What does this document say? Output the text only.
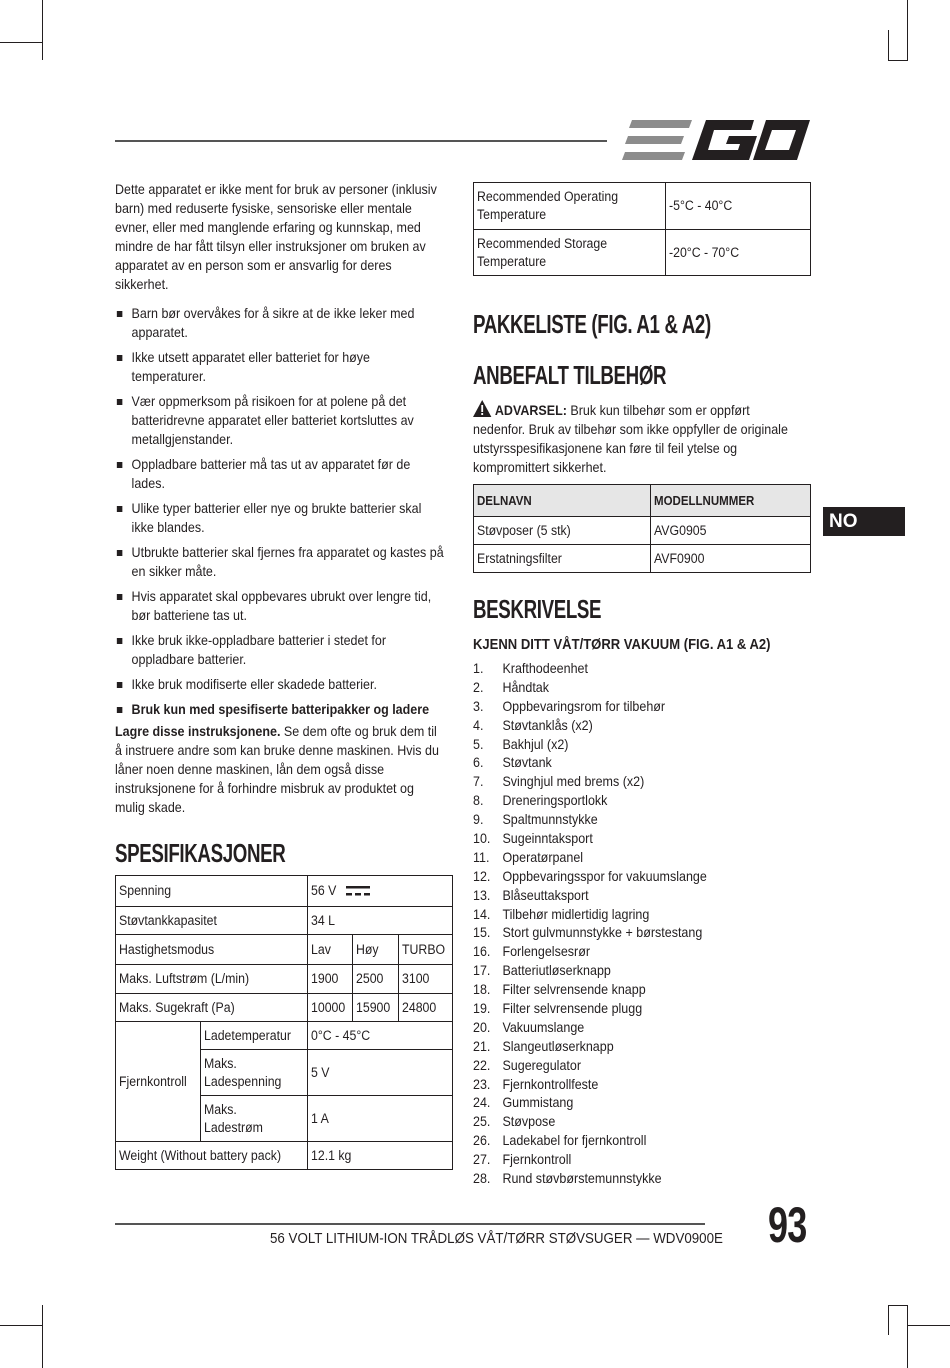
Dette apparatet er ikke ment for bruk av personer (inklusiv barn) med reduserte fysiske, sensoriske eller mentale evner, eller med manglende erfaring og kunnskap, med mindre de har fått tilsyn eller instruksjoner om bruken av apparatet av en person som er ansvarlig for deres sikkerhet.

Barn bør overvåkes for å sikre at de ikke leker med apparatet.
Ikke utsett apparatet eller batteriet for høye temperaturer.
Vær oppmerksom på risikoen for at polene på det batteridrevne apparatet eller batteriet kortsluttes av metallgjenstander.
Oppladbare batterier må tas ut av apparatet før de lades.
Ulike typer batterier eller nye og brukte batterier skal ikke blandes.
Utbrukte batterier skal fjernes fra apparatet og kastes på en sikker måte.
Hvis apparatet skal oppbevares ubrukt over lengre tid, bør batteriene tas ut.
Ikke bruk ikke-oppladbare batterier i stedet for oppladbare batterier.
Ikke bruk modifiserte eller skadede batterier.
Bruk kun med spesifiserte batteripakker og ladere

Lagre disse instruksjonene. Se dem ofte og bruk dem til å instruere andre som kan bruke denne maskinen. Hvis du låner noen denne maskinen, lån dem også disse instruksjonene for å forhindre misbruk av produktet og mulig skade.

SPESIFIKASJONER
Spenning		56 V		
Støvtankkapasitet		34 L		
Hastighetsmodus		Lav	Høy	TURBO
Maks. Luftstrøm (L/min)		1900	2500	3100
Maks. Sugekraft (Pa)		10000	15900	24800
Fjernkontroll	Ladetemperatur	0°C - 45°C		
	Maks. Ladespenning	5 V		
	Maks. Ladestrøm	1 A		
Weight (Without battery pack)		12.1 kg		
Recommended Operating Temperature	-5°C - 40°C
Recommended Storage Temperature	-20°C - 70°C
PAKKELISTE (FIG. A1 & A2)
ANBEFALT TILBEHØR

ADVARSEL: Bruk kun tilbehør som er oppført nedenfor. Bruk av tilbehør som ikke oppfyller de originale utstyrsspesifikasjonene kan føre til feil ytelse og kompromittert sikkerhet.

DELNAVN	MODELLNUMMER
Støvposer (5 stk)	AVG0905
Erstatningsfilter	AVF0900
BESKRIVELSE
KJENN DITT VÅT/TØRR VAKUUM (FIG. A1 & A2)
1. Krafthodeenhet
2. Håndtak
3. Oppbevaringsrom for tilbehør
4. Støvtanklås (x2)
5. Bakhjul (x2)
6. Støvtank
7. Svinghjul med brems (x2)
8. Dreneringsportlokk
9. Spaltmunnstykke
10. Sugeinntaksport
11. Operatørpanel
12. Oppbevaringsspor for vakuumslange
13. Blåseuttaksport
14. Tilbehør midlertidig lagring
15. Stort gulvmunnstykke + børstestang
16. Forlengelsesrør
17. Batteriutløserknapp
18. Filter selvrensende knapp
19. Filter selvrensende plugg
20. Vakuumslange
21. Slangeutløserknapp
22. Sugeregulator
23. Fjernkontrollfeste
24. Gummistang
25. Støvpose
26. Ladekabel for fjernkontroll
27. Fjernkontroll
28. Rund støvbørstemunnstykke
NO
56 VOLT LITHIUM-ION TRÅDLØS VÅT/TØRR STØVSUGER — WDV0900E 93
